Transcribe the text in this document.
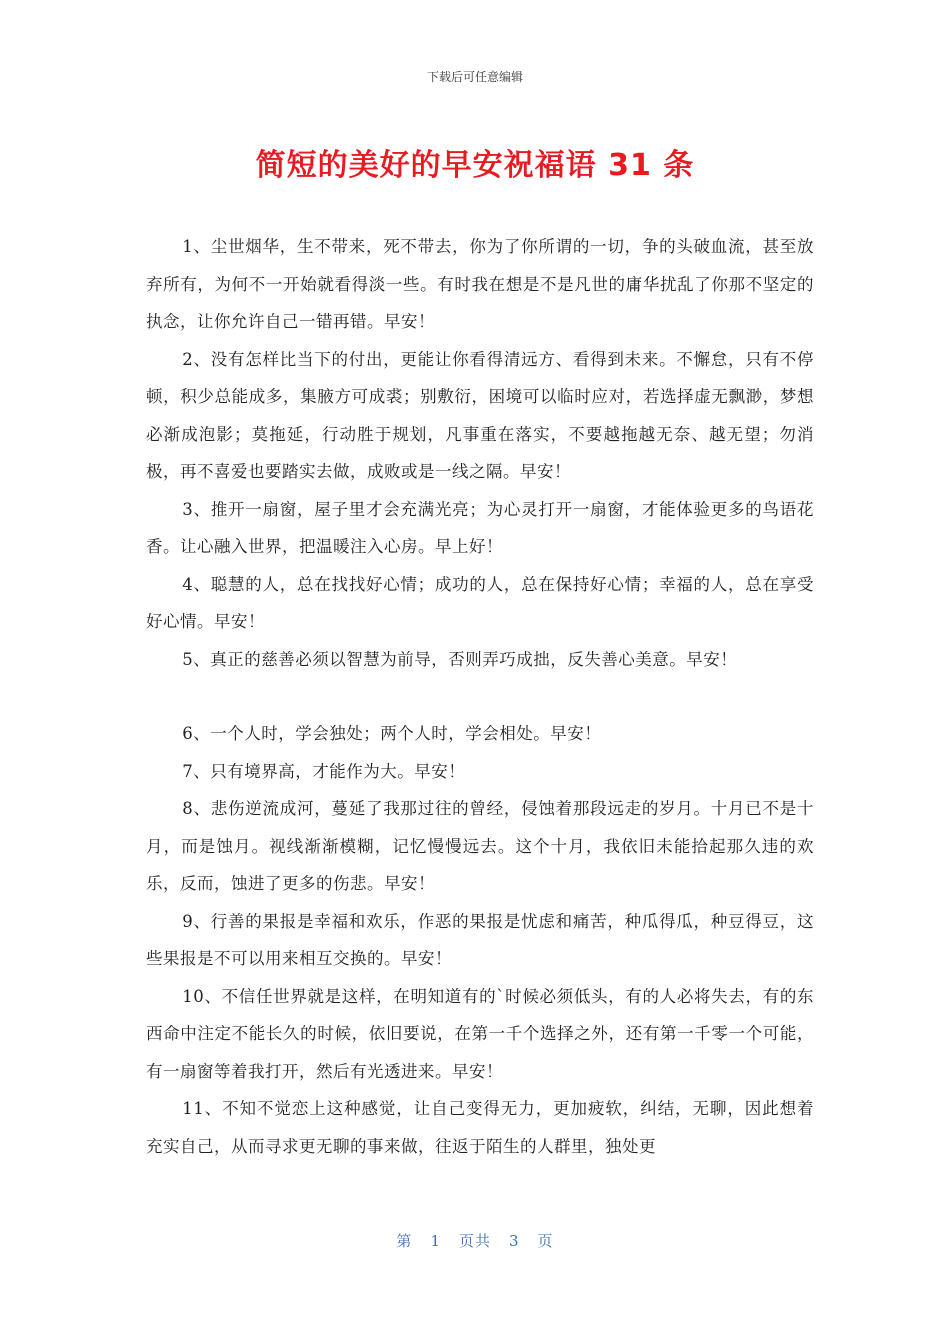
下载后可任意编辑
简短的美好的早安祝福语 31 条

1、尘世烟华，生不带来，死不带去，你为了你所谓的一切，争的头破血流，甚至放弃所有，为何不一开始就看得淡一些。有时我在想是不是凡世的庸华扰乱了你那不坚定的执念，让你允许自己一错再错。早安！

2、没有怎样比当下的付出，更能让你看得清远方、看得到未来。不懈怠，只有不停顿，积少总能成多，集腋方可成裘；别敷衍，困境可以临时应对，若选择虚无飘渺，梦想必渐成泡影；莫拖延，行动胜于规划，凡事重在落实，不要越拖越无奈、越无望；勿消极，再不喜爱也要踏实去做，成败或是一线之隔。早安！

3、推开一扇窗，屋子里才会充满光亮；为心灵打开一扇窗，才能体验更多的鸟语花香。让心融入世界，把温暖注入心房。早上好！

4、聪慧的人，总在找找好心情；成功的人，总在保持好心情；幸福的人，总在享受好心情。早安！

5、真正的慈善必须以智慧为前导，否则弄巧成拙，反失善心美意。早安！

6、一个人时，学会独处；两个人时，学会相处。早安！

7、只有境界高，才能作为大。早安！

8、悲伤逆流成河，蔓延了我那过往的曾经，侵蚀着那段远走的岁月。十月已不是十月，而是蚀月。视线渐渐模糊，记忆慢慢远去。这个十月，我依旧未能拾起那久违的欢乐，反而，蚀进了更多的伤悲。早安！

9、行善的果报是幸福和欢乐，作恶的果报是忧虑和痛苦，种瓜得瓜，种豆得豆，这些果报是不可以用来相互交换的。早安！

10、不信任世界就是这样，在明知道有的`时候必须低头，有的人必将失去，有的东西命中注定不能长久的时候，依旧要说，在第一千个选择之外，还有第一千零一个可能，有一扇窗等着我打开，然后有光透进来。早安！

11、不知不觉恋上这种感觉，让自己变得无力，更加疲软，纠结，无聊，因此想着充实自己，从而寻求更无聊的事来做，往返于陌生的人群里，独处更

第 1 页共 3 页
